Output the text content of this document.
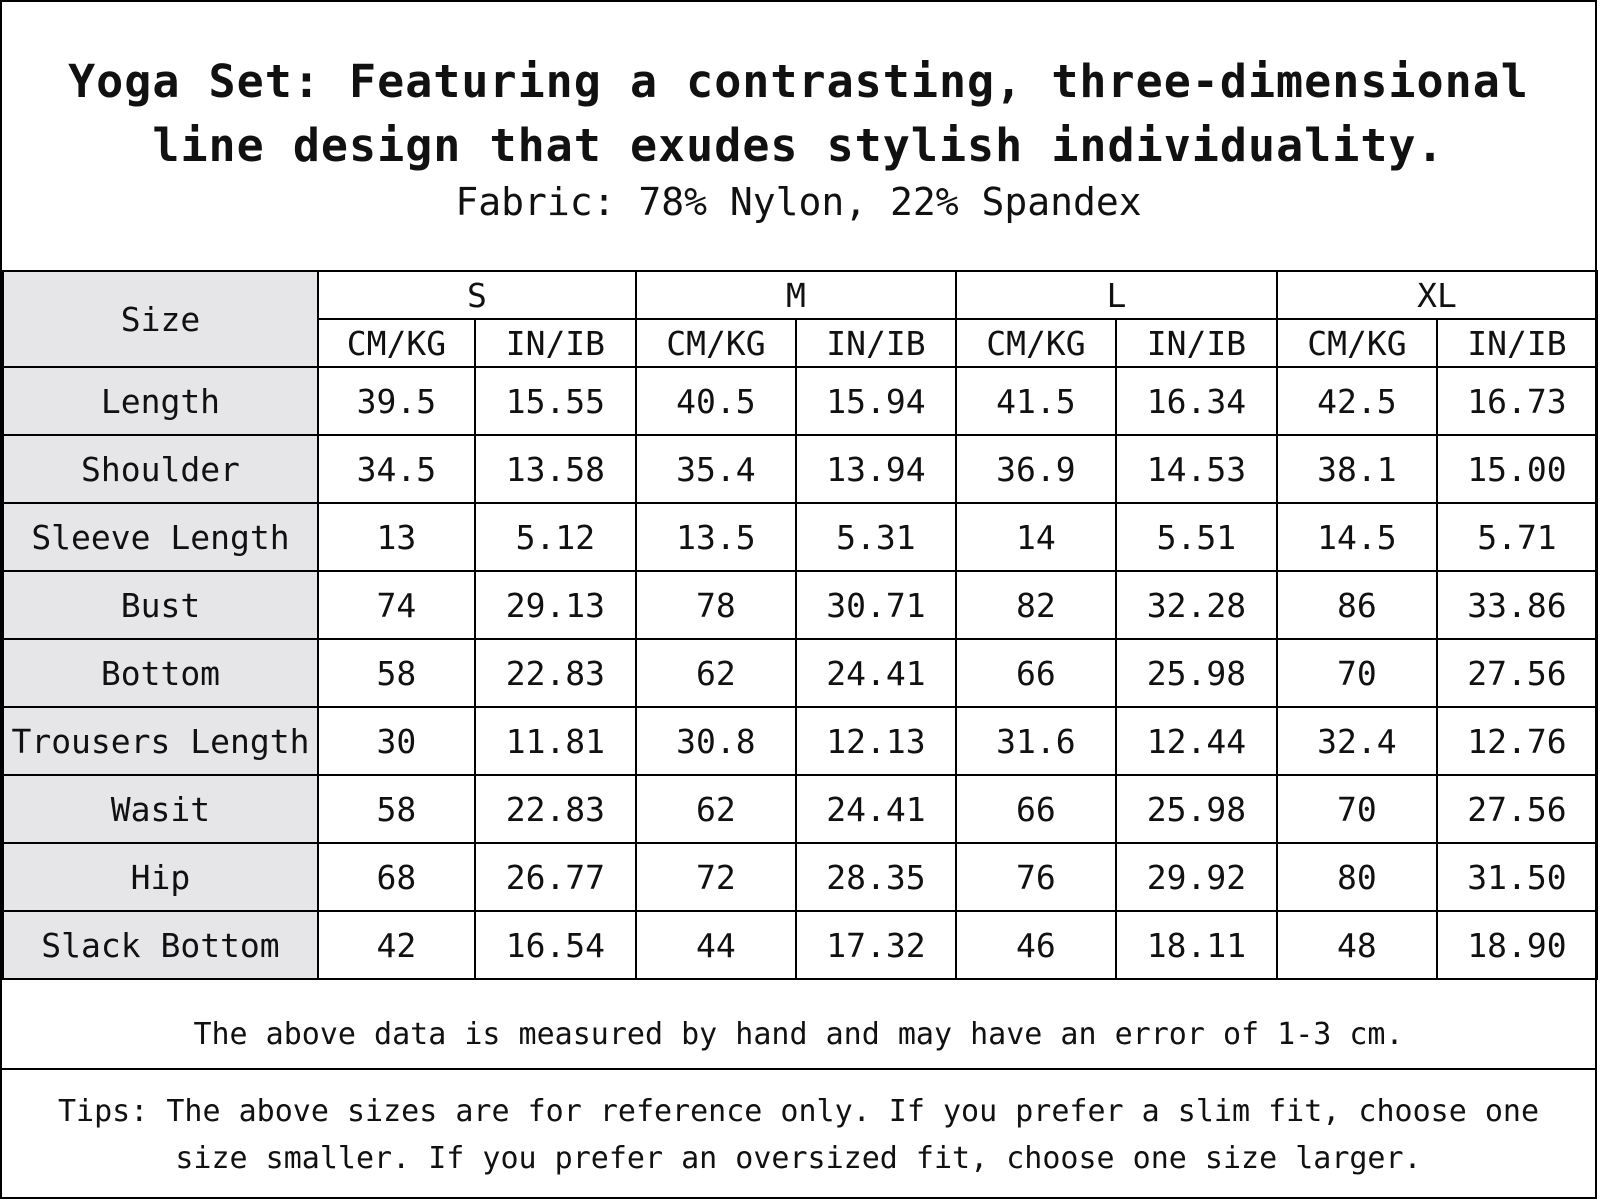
Yoga Set: Featuring a contrasting, three-dimensional line design that exudes stylish individuality.
Fabric: 78% Nylon, 22% Spandex
Size	S		M		L		XL	
	CM/KG	IN/IB	CM/KG	IN/IB	CM/KG	IN/IB	CM/KG	IN/IB
Length	39.5	15.55	40.5	15.94	41.5	16.34	42.5	16.73
Shoulder	34.5	13.58	35.4	13.94	36.9	14.53	38.1	15.00
Sleeve Length	13	5.12	13.5	5.31	14	5.51	14.5	5.71
Bust	74	29.13	78	30.71	82	32.28	86	33.86
Bottom	58	22.83	62	24.41	66	25.98	70	27.56
Trousers Length	30	11.81	30.8	12.13	31.6	12.44	32.4	12.76
Wasit	58	22.83	62	24.41	66	25.98	70	27.56
Hip	68	26.77	72	28.35	76	29.92	80	31.50
Slack Bottom	42	16.54	44	17.32	46	18.11	48	18.90
The above data is measured by hand and may have an error of 1-3 cm.
Tips: The above sizes are for reference only. If you prefer a slim fit, choose one size smaller. If you prefer an oversized fit, choose one size larger.
